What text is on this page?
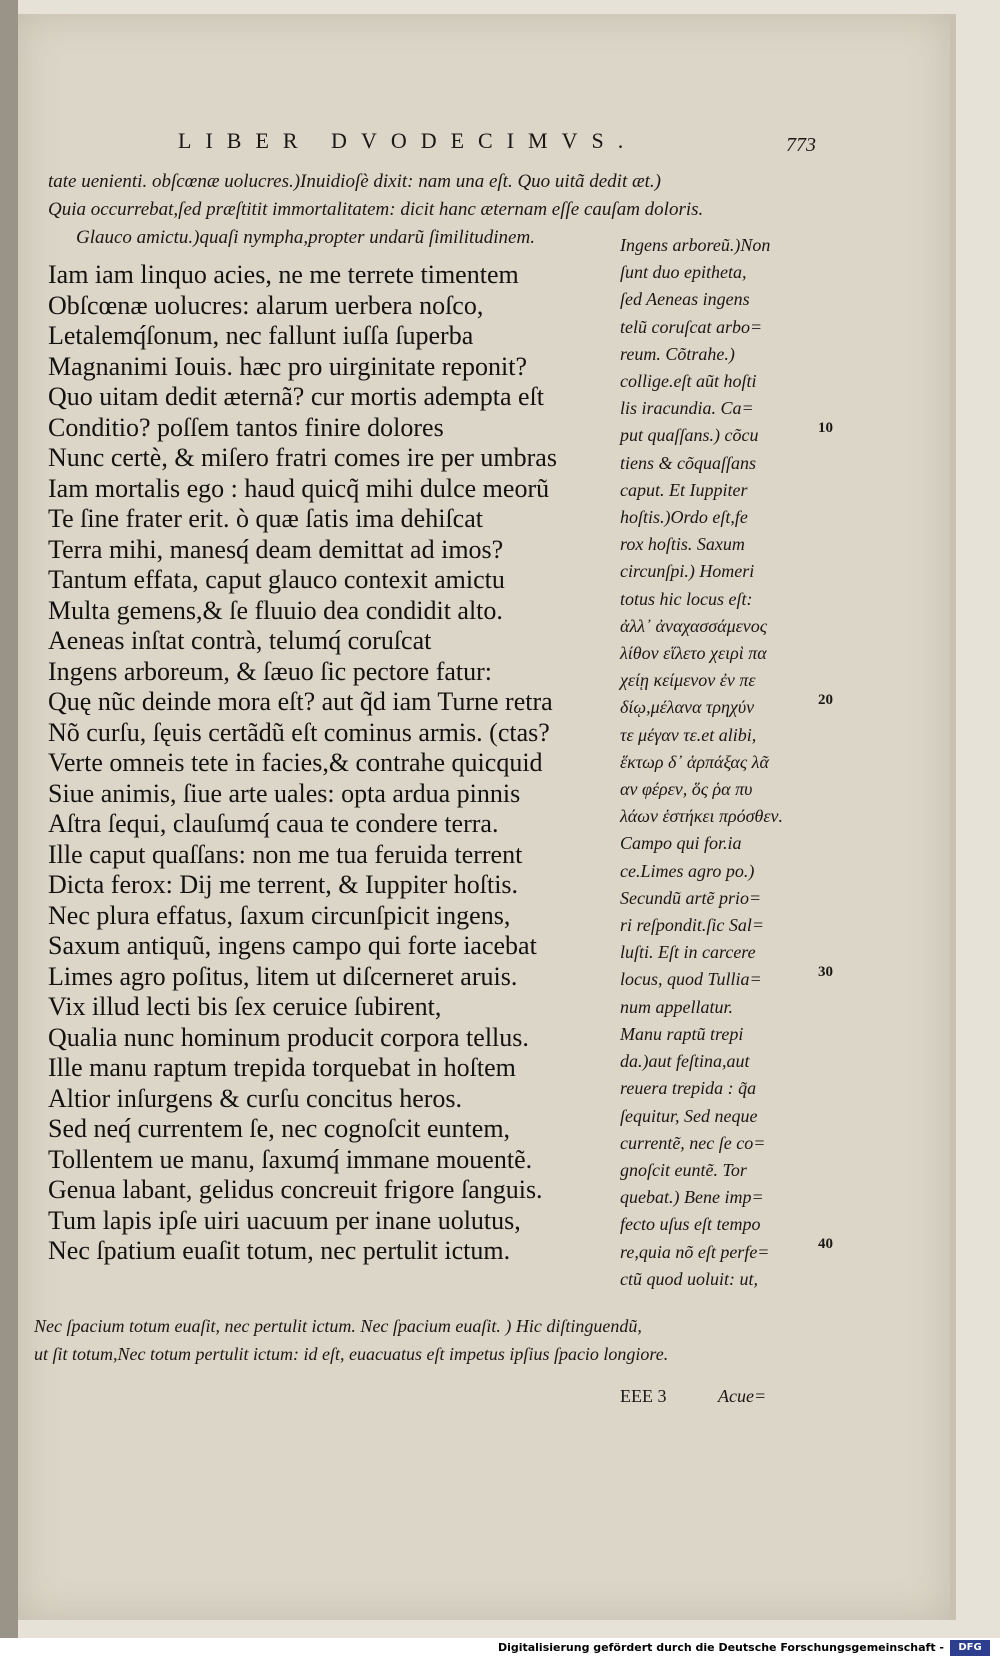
LIBER DVODECIMVS.	773
tate uenienti. obſcœnæ uolucres.)Inuidioſè dixit: nam una eſt. Quo uitã dedit æt.)
Quia occurrebat,ſed præſtitit immortalitatem: dicit hanc æternam eſſe cauſam doloris.
Glauco amictu.)quaſi nympha,propter undarũ ſimilitudinem.
Iam iam linquo acies, ne me terrete timentem
Obſcœnæ uolucres: alarum uerbera noſco,
Letalemq́ſonum, nec fallunt iuſſa ſuperba
Magnanimi Iouis. hæc pro uirginitate reponit?
Quo uitam dedit æternã? cur mortis adempta eſt
Conditio? poſſem tantos finire dolores
Nunc certè, & miſero fratri comes ire per umbras
Iam mortalis ego : haud quicq̃ mihi dulce meorũ
Te ſine frater erit. ò quæ ſatis ima dehiſcat
Terra mihi, manesq́ deam demittat ad imos?
Tantum effata, caput glauco contexit amictu
Multa gemens,& ſe fluuio dea condidit alto.
Aeneas inſtat contrà, telumq́ coruſcat
Ingens arboreum, & ſæuo ſic pectore fatur:
Quę nũc deinde mora eſt? aut q̃d iam Turne retra
Nõ curſu, ſęuis certãdũ eſt cominus armis. (ctas?
Verte omneis tete in facies,& contrahe quicquid
Siue animis, ſiue arte uales: opta ardua pinnis
Aſtra ſequi, clauſumq́ caua te condere terra.
Ille caput quaſſans: non me tua feruida terrent
Dicta ferox: Dij me terrent, & Iuppiter hoſtis.
Nec plura effatus, ſaxum circunſpicit ingens,
Saxum antiquũ, ingens campo qui forte iacebat
Limes agro poſitus, litem ut diſcerneret aruis.
Vix illud lecti bis ſex ceruice ſubirent,
Qualia nunc hominum producit corpora tellus.
Ille manu raptum trepida torquebat in hoſtem
Altior inſurgens & curſu concitus heros.
Sed neq́ currentem ſe, nec cognoſcit euntem,
Tollentem ue manu, ſaxumq́ immane mouentẽ.
Genua labant, gelidus concreuit frigore ſanguis.
Tum lapis ipſe uiri uacuum per inane uolutus,
Nec ſpatium euaſit totum, nec pertulit ictum.
Ingens arboreũ.)Non
ſunt duo epitheta,
ſed Aeneas ingens
telũ coruſcat arbo=
reum. Cõtrahe.)
collige.eſt aũt hoſti
lis iracundia. Ca=
put quaſſans.) cõcu
tiens & cõquaſſans
caput. Et Iuppiter
hoſtis.)Ordo eſt,fe
rox hoſtis. Saxum
circunſpi.) Homeri
totus hic locus eſt:
ἀλλ᾽ ἀναχασσάμενος
λίθον εἵλετο χειρὶ πα
χείῃ κείμενον ἐν πε
δίῳ,μέλανα τρηχύν
τε μέγαν τε.et alibi,
ἕκτωρ δ᾽ ἁρπάξας λᾶ
αν φέρεν, ὅς ῥα πυ
λάων ἑστήκει πρόσθεν.
Campo qui for.ia
ce.Limes agro po.)
Secundũ artẽ prio=
ri reſpondit.ſic Sal=
luſti. Eſt in carcere
locus, quod Tullia=
num appellatur.
Manu raptũ trepi
da.)aut feſtina,aut
reuera trepida : q̃a
ſequitur, Sed neque
currentẽ, nec ſe co=
gnoſcit euntẽ. Tor
quebat.) Bene imp=
fecto uſus eſt tempo
re,quia nõ eſt perfe=
ctũ quod uoluit: ut,
10
20
30
40
Nec ſpacium totum euaſit, nec pertulit ictum. Nec ſpacium euaſit. ) Hic diſtinguendũ,
ut ſit totum,Nec totum pertulit ictum: id eſt, euacuatus eſt impetus ipſius ſpacio longiore.
EEE 3	Acue=
Digitalisierung gefördert durch die Deutsche Forschungsgemeinschaft -	DFG
